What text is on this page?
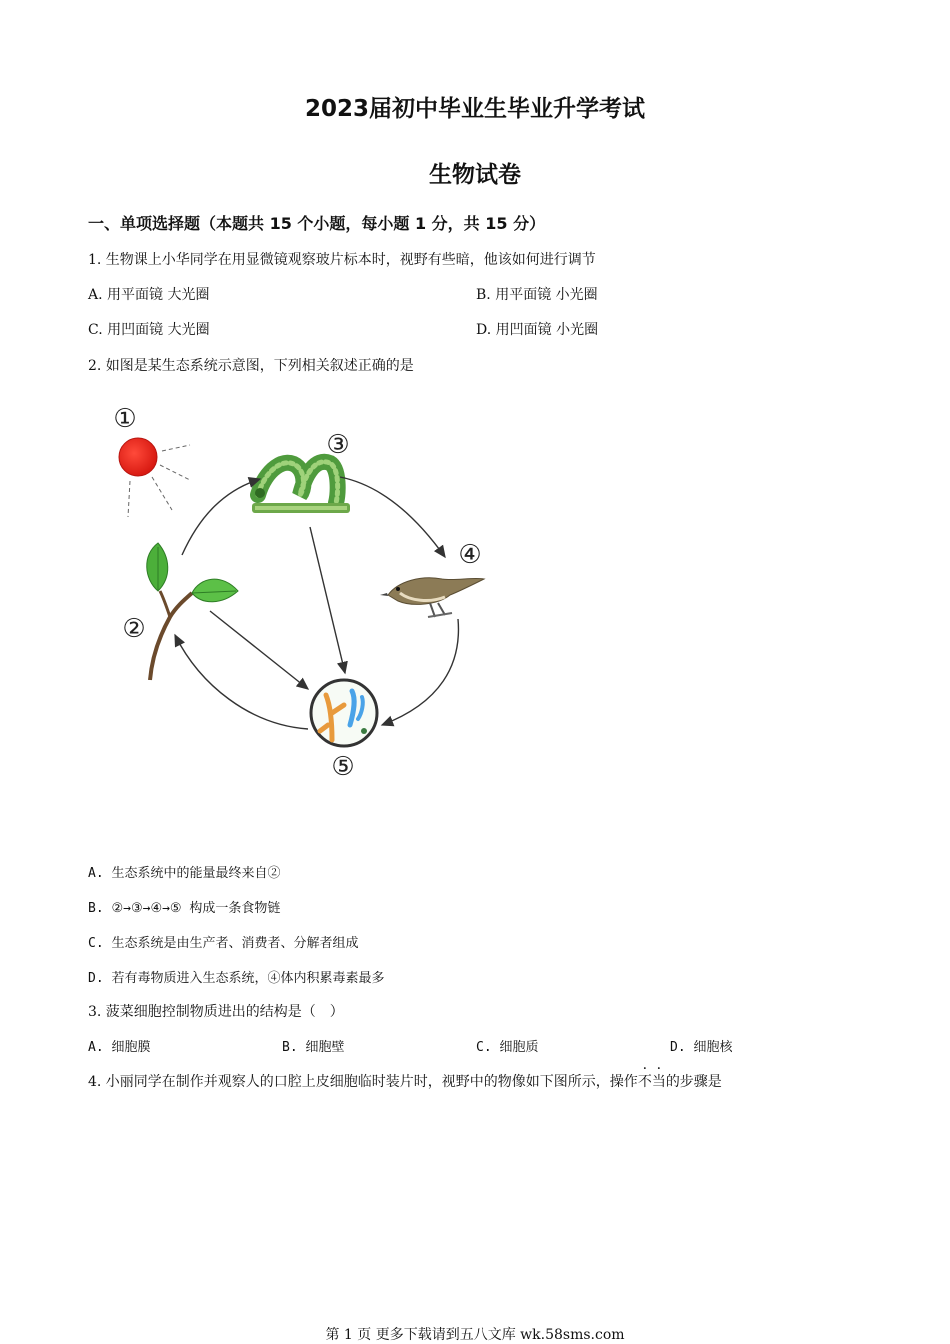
2023届初中毕业生毕业升学考试
生物试卷
一、单项选择题（本题共 15 个小题，每小题 1 分，共 15 分）
1. 生物课上小华同学在用显微镜观察玻片标本时，视野有些暗，他该如何进行调节
A. 用平面镜 大光圈	B. 用平面镜 小光圈
C. 用凹面镜 大光圈	D. 用凹面镜 小光圈
2. 如图是某生态系统示意图，下列相关叙述正确的是
①
③
④
②
⑤
A. 生态系统中的能量最终来自②
B. ②→③→④→⑤ 构成一条食物链
C. 生态系统是由生产者、消费者、分解者组成
D. 若有毒物质进入生态系统，④体内积累毒素最多
3. 菠菜细胞控制物质进出的结构是（　）
A. 细胞膜	B. 细胞壁	C. 细胞质	D. 细胞核
4. 小丽同学在制作并观察人的口腔上皮细胞临时装片时，视野中的物像如下图所示，操作不当的步骤是
第 1 页 更多下载请到五八文库 wk.58sms.com
